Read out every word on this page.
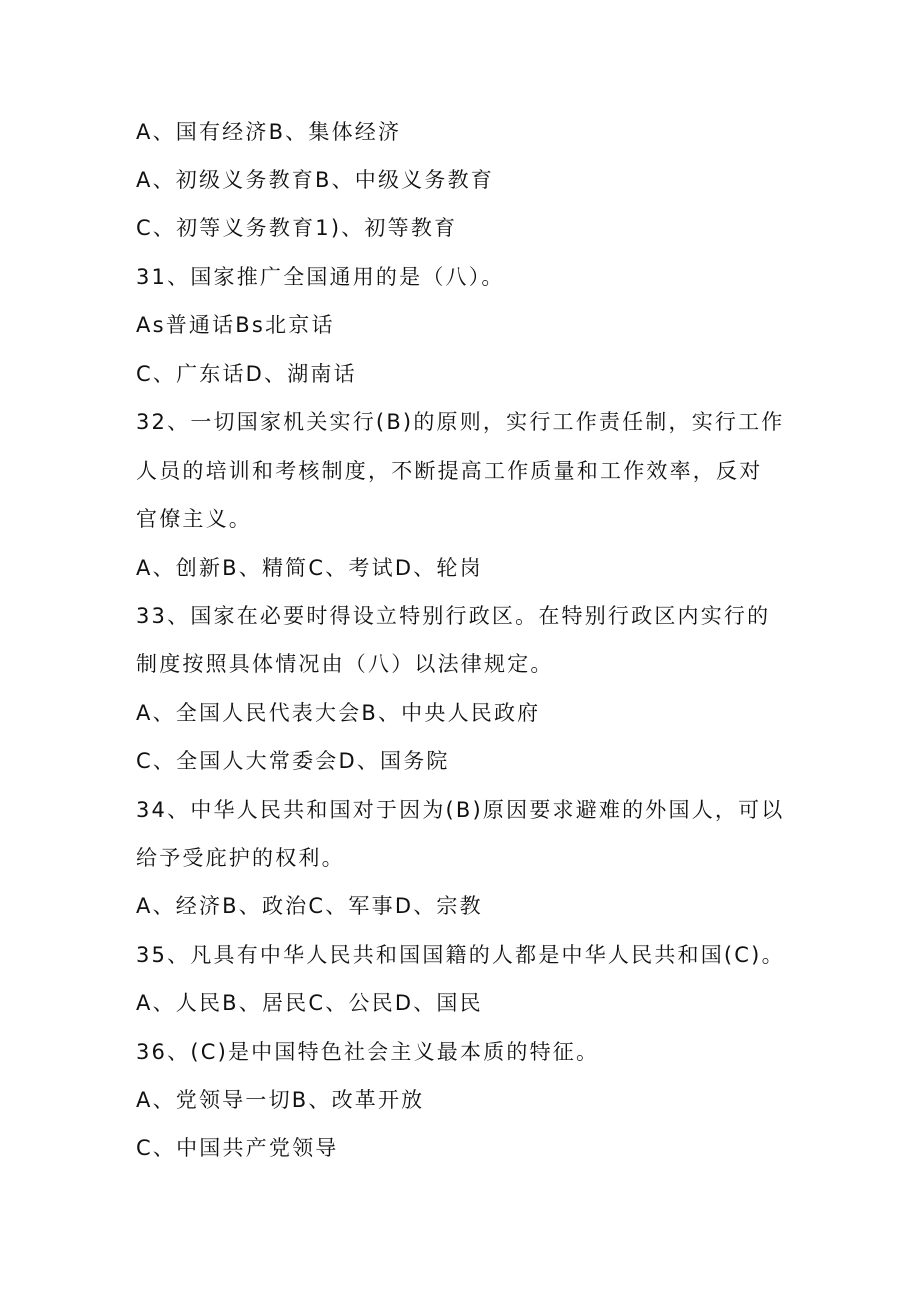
A、国有经济B、集体经济
A、初级义务教育B、中级义务教育
C、初等义务教育1)、初等教育
31、国家推广全国通用的是（八）。
As普通话Bs北京话
C、广东话D、湖南话
32、一切国家机关实行(B)的原则，实行工作责任制，实行工作
人员的培训和考核制度，不断提高工作质量和工作效率，反对
官僚主义。
A、创新B、精简C、考试D、轮岗
33、国家在必要时得设立特别行政区。在特别行政区内实行的
制度按照具体情况由（八）以法律规定。
A、全国人民代表大会B、中央人民政府
C、全国人大常委会D、国务院
34、中华人民共和国对于因为(B)原因要求避难的外国人，可以
给予受庇护的权利。
A、经济B、政治C、军事D、宗教
35、凡具有中华人民共和国国籍的人都是中华人民共和国(C)。
A、人民B、居民C、公民D、国民
36、(C)是中国特色社会主义最本质的特征。
A、党领导一切B、改革开放
C、中国共产党领导
